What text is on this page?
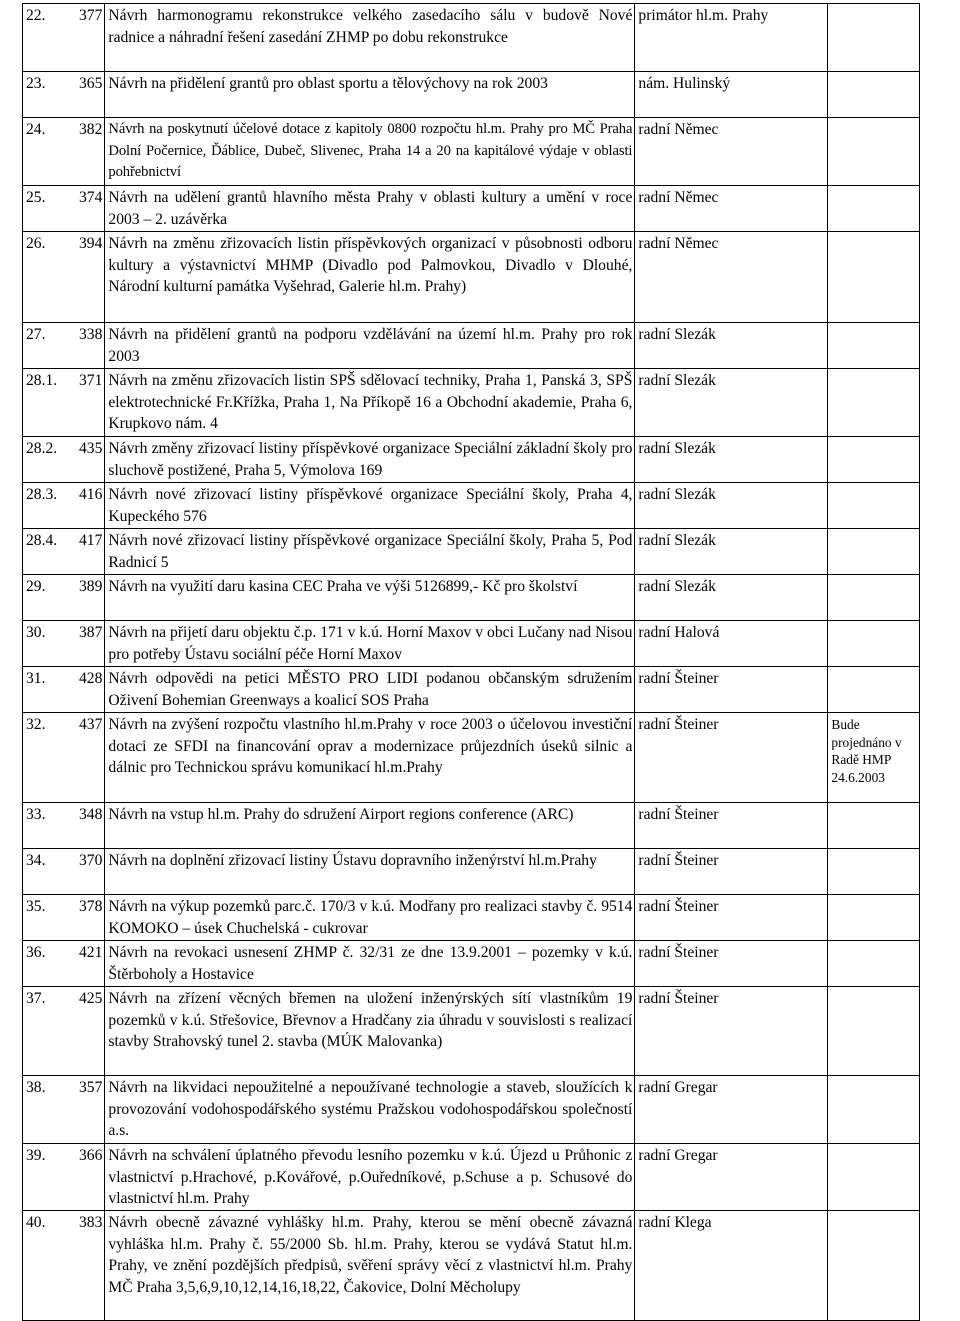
22. 377	Návrh harmonogramu rekonstrukce velkého zasedacího sálu v budově Nové radnice a náhradní řešení zasedání ZHMP po dobu rekonstrukce	primátor hl.m. Prahy	

23. 365	Návrh na přidělení grantů pro oblast sportu a tělovýchovy na rok 2003	nám. Hulinský	

24. 382	Návrh na poskytnutí účelové dotace z kapitoly 0800 rozpočtu hl.m. Prahy pro MČ Praha Dolní Počernice, Ďáblice, Dubeč, Slivenec, Praha 14 a 20 na kapitálové výdaje v oblasti pohřebnictví	radní Němec	

25. 374	Návrh na udělení grantů hlavního města Prahy v oblasti kultury a umění v roce 2003 – 2. uzávěrka	radní Němec	

26. 394	Návrh na změnu zřizovacích listin příspěvkových organizací v působnosti odboru kultury a výstavnictví MHMP (Divadlo pod Palmovkou, Divadlo v Dlouhé, Národní kulturní památka Vyšehrad, Galerie hl.m. Prahy)	radní Němec	

27. 338	Návrh na přidělení grantů na podporu vzdělávání na území hl.m. Prahy pro rok 2003	radní Slezák	

28.1. 371	Návrh na změnu zřizovacích listin SPŠ sdělovací techniky, Praha 1, Panská 3, SPŠ elektrotechnické Fr.Křížka, Praha 1, Na Příkopě 16 a Obchodní akademie, Praha 6, Krupkovo nám. 4	radní Slezák	

28.2. 435	Návrh změny zřizovací listiny příspěvkové organizace Speciální základní školy pro sluchově postižené, Praha 5, Výmolova 169	radní Slezák	

28.3. 416	Návrh nové zřizovací listiny příspěvkové organizace Speciální školy, Praha 4, Kupeckého 576	radní Slezák	

28.4. 417	Návrh nové zřizovací listiny příspěvkové organizace Speciální školy, Praha 5, Pod Radnicí 5	radní Slezák	

29. 389	Návrh na využití daru kasina CEC Praha ve výši 5126899,- Kč pro školství	radní Slezák	

30. 387	Návrh na přijetí daru objektu č.p. 171 v k.ú. Horní Maxov v obci Lučany nad Nisou pro potřeby Ústavu sociální péče Horní Maxov	radní Halová	

31. 428	Návrh odpovědi na petici MĚSTO PRO LIDI podanou občanským sdružením Oživení Bohemian Greenways a koalicí SOS Praha	radní Šteiner	

32. 437	Návrh na zvýšení rozpočtu vlastního hl.m.Prahy v roce 2003 o účelovou investiční dotaci ze SFDI na financování oprav a modernizace průjezdních úseků silnic a dálnic pro Technickou správu komunikací hl.m.Prahy	radní Šteiner	Bude projednáno v Radě HMP 24.6.2003

33. 348	Návrh na vstup hl.m. Prahy do sdružení Airport regions conference (ARC)	radní Šteiner	

34. 370	Návrh na doplnění zřizovací listiny Ústavu dopravního inženýrství hl.m.Prahy	radní Šteiner	

35. 378	Návrh na výkup pozemků parc.č. 170/3 v k.ú. Modřany pro realizaci stavby č. 9514 KOMOKO – úsek Chuchelská - cukrovar	radní Šteiner	

36. 421	Návrh na revokaci usnesení ZHMP č. 32/31 ze dne 13.9.2001 – pozemky v k.ú. Štěrboholy a Hostavice	radní Šteiner	

37. 425	Návrh na zřízení věcných břemen na uložení inženýrských sítí vlastníkům 19 pozemků v k.ú. Střešovice, Břevnov a Hradčany zia úhradu v souvislosti s realizací stavby Strahovský tunel 2. stavba (MÚK Malovanka)	radní Šteiner	

38. 357	Návrh na likvidaci nepoužitelné a nepoužívané technologie a staveb, sloužících k provozování vodohospodářského systému Pražskou vodohospodářskou společností a.s.	radní Gregar	

39. 366	Návrh na schválení úplatného převodu lesního pozemku v k.ú. Újezd u Průhonic z vlastnictví p.Hrachové, p.Kovářové, p.Ouředníkové, p.Schuse a p. Schusové do vlastnictví hl.m. Prahy	radní Gregar	

40. 383	Návrh obecně závazné vyhlášky hl.m. Prahy, kterou se mění obecně závazná vyhláška hl.m. Prahy č. 55/2000 Sb. hl.m. Prahy, kterou se vydává Statut hl.m. Prahy, ve znění pozdějších předpisů, svěření správy věcí z vlastnictví hl.m. Prahy MČ Praha 3,5,6,9,10,12,14,16,18,22, Čakovice, Dolní Měcholupy	radní Klega	
